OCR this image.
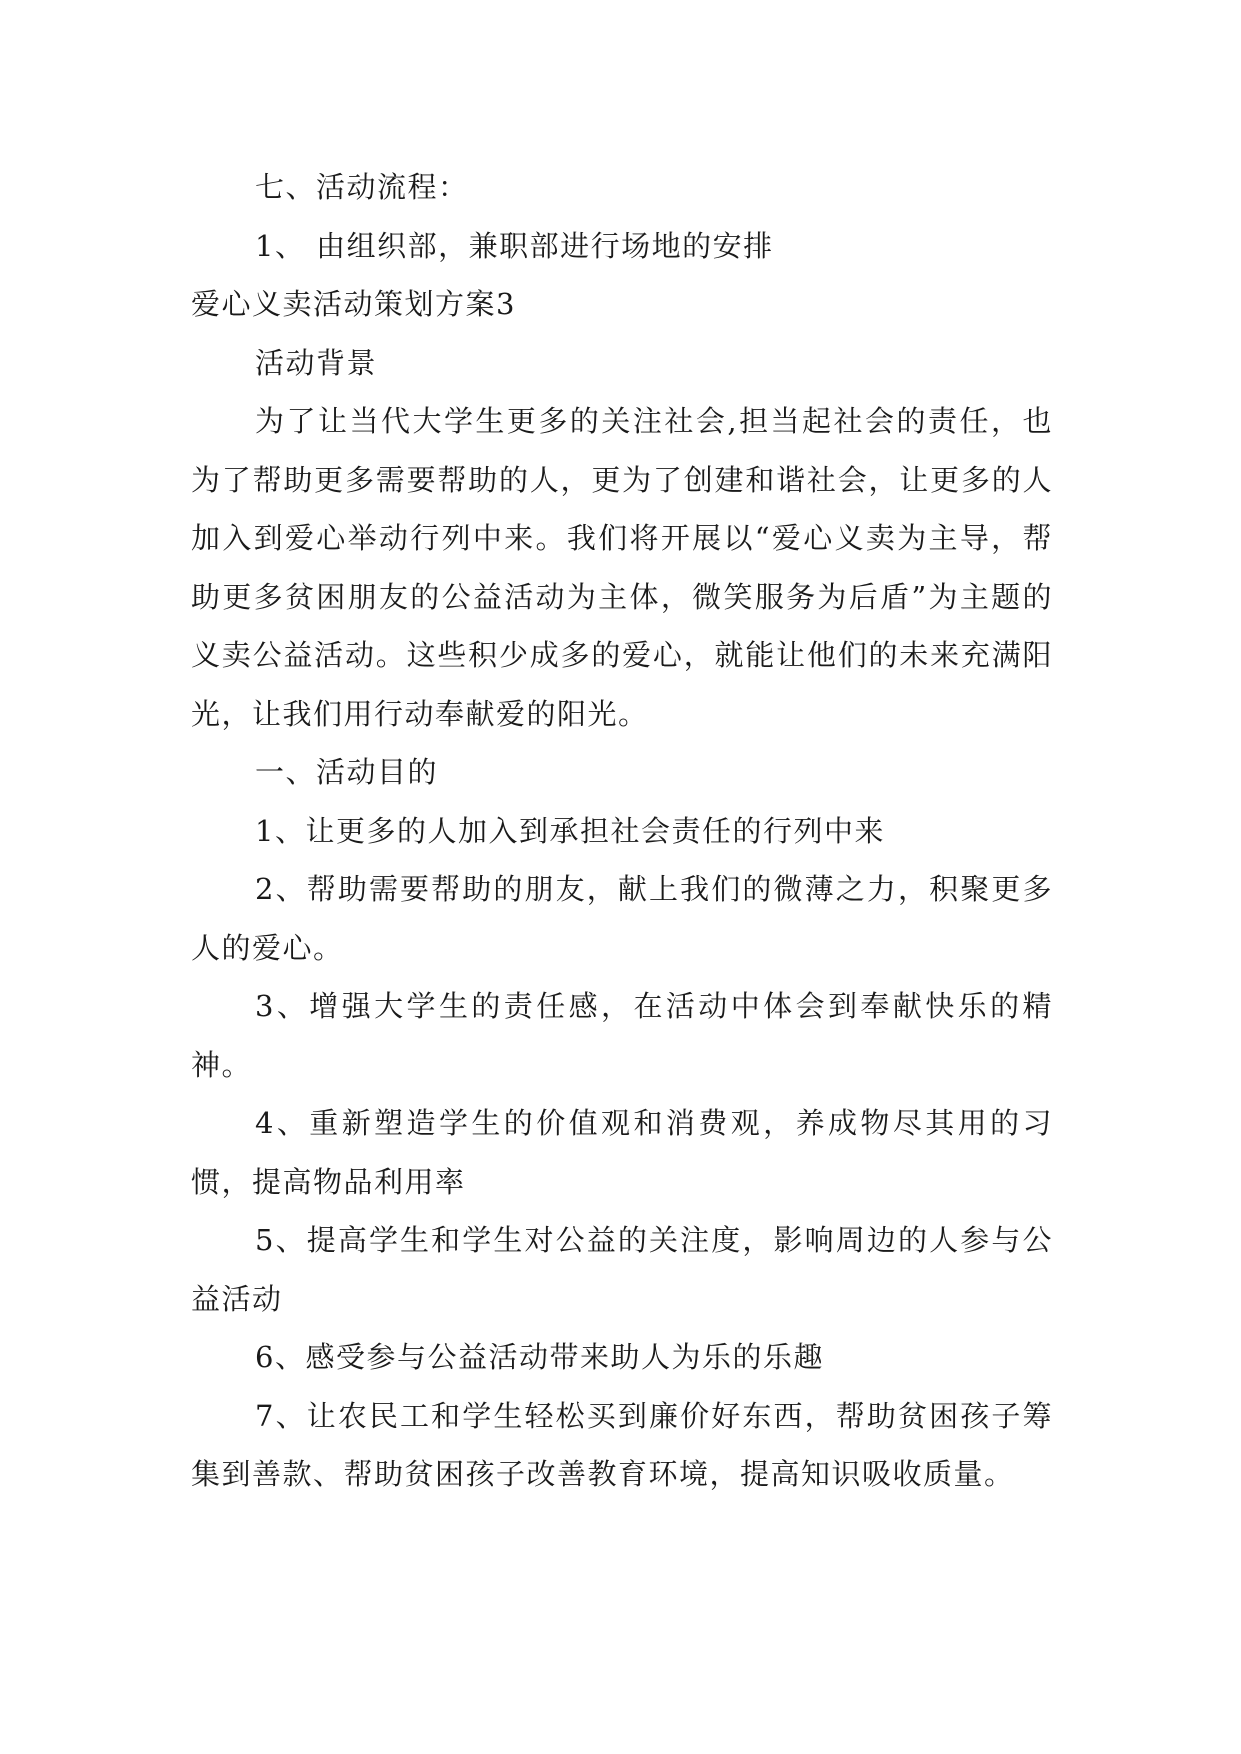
七、活动流程：

1、 由组织部，兼职部进行场地的安排

爱心义卖活动策划方案3

活动背景

为了让当代大学生更多的关注社会,担当起社会的责任，也为了帮助更多需要帮助的人，更为了创建和谐社会，让更多的人加入到爱心举动行列中来。我们将开展以“爱心义卖为主导，帮助更多贫困朋友的公益活动为主体，微笑服务为后盾”为主题的义卖公益活动。这些积少成多的爱心，就能让他们的未来充满阳光，让我们用行动奉献爱的阳光。

一、活动目的

1、让更多的人加入到承担社会责任的行列中来

2、帮助需要帮助的朋友，献上我们的微薄之力，积聚更多人的爱心。

3、增强大学生的责任感，在活动中体会到奉献快乐的精神。

4、重新塑造学生的价值观和消费观，养成物尽其用的习惯，提高物品利用率

5、提高学生和学生对公益的关注度，影响周边的人参与公益活动

6、感受参与公益活动带来助人为乐的乐趣

7、让农民工和学生轻松买到廉价好东西，帮助贫困孩子筹集到善款、帮助贫困孩子改善教育环境，提高知识吸收质量。
